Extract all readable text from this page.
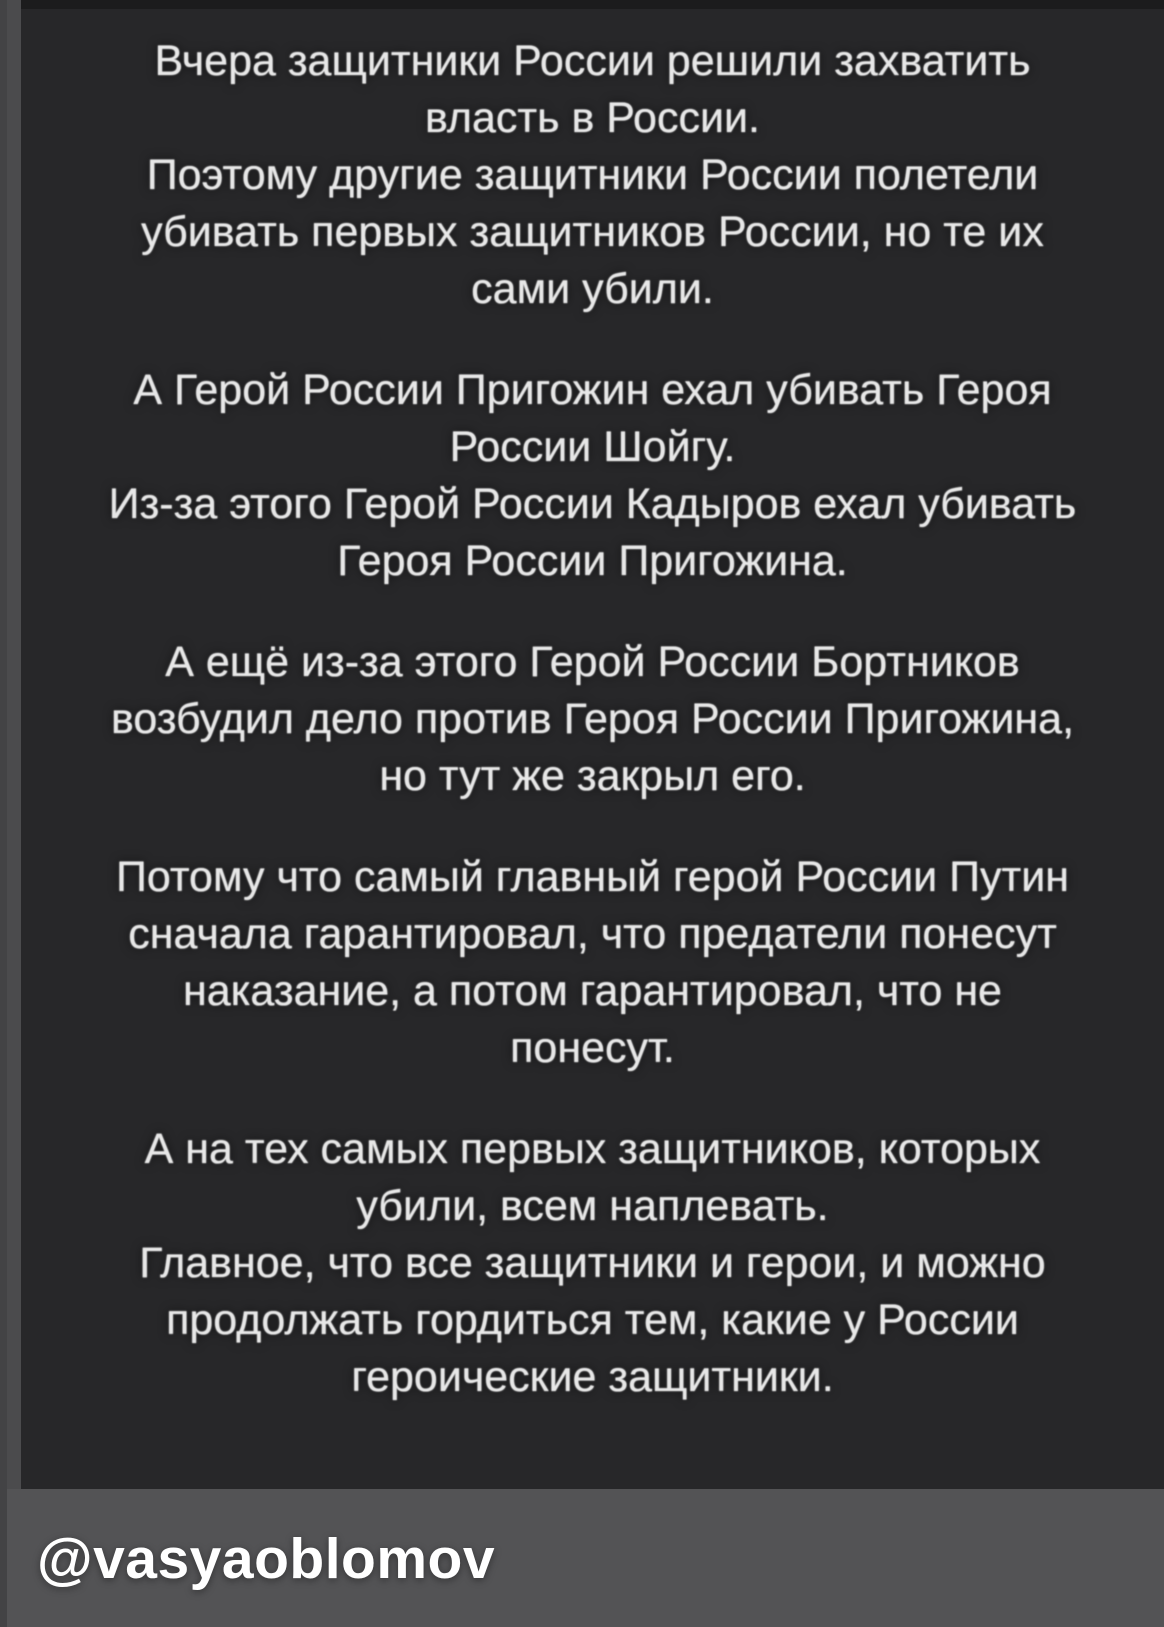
Вчера защитники России решили захватить
власть в России.
Поэтому другие защитники России полетели
убивать первых защитников России, но те их
сами убили.
А Герой России Пригожин ехал убивать Героя
России Шойгу.
Из-за этого Герой России Кадыров ехал убивать
Героя России Пригожина.
А ещё из-за этого Герой России Бортников
возбудил дело против Героя России Пригожина,
но тут же закрыл его.
Потому что самый главный герой России Путин
сначала гарантировал, что предатели понесут
наказание, а потом гарантировал, что не
понесут.
А на тех самых первых защитников, которых
убили, всем наплевать.
Главное, что все защитники и герои, и можно
продолжать гордиться тем, какие у России
героические защитники.
@vasyaoblomov
